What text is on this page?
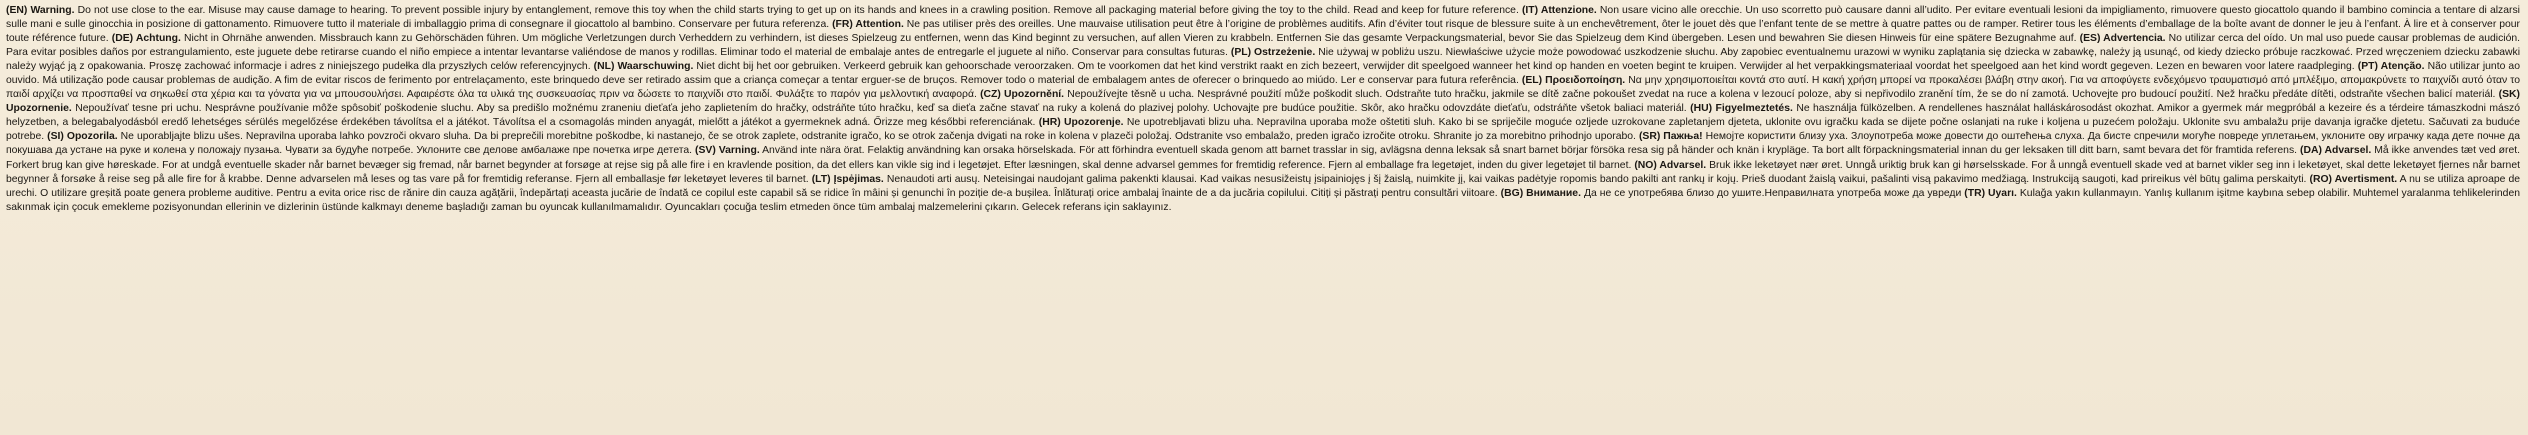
(EN) Warning. Do not use close to the ear. Misuse may cause damage to hearing. To prevent possible injury by entanglement, remove this toy when the child starts trying to get up on its hands and knees in a crawling position. Remove all packaging material before giving the toy to the child. Read and keep for future reference. (IT) Attenzione. Non usare vicino alle orecchie. Un uso scorretto può causare danni all’udito. Per evitare eventuali lesioni da impigliamento, rimuovere questo giocattolo quando il bambino comincia a tentare di alzarsi sulle mani e sulle ginocchia in posizione di gattonamento. Rimuovere tutto il materiale di imballaggio prima di consegnare il giocattolo al bambino. Conservare per futura referenza. (FR) Attention. Ne pas utiliser près des oreilles. Une mauvaise utilisation peut être à l’origine de problèmes auditifs. Afin d’éviter tout risque de blessure suite à un enchevêtrement, ôter le jouet dès que l’enfant tente de se mettre à quatre pattes ou de ramper. Retirer tous les éléments d’emballage de la boîte avant de donner le jeu à l’enfant. À lire et à conserver pour toute référence future. (DE) Achtung. Nicht in Ohrnähe anwenden. Missbrauch kann zu Gehörschäden führen. Um mögliche Verletzungen durch Verheddern zu verhindern, ist dieses Spielzeug zu entfernen, wenn das Kind beginnt zu versuchen, auf allen Vieren zu krabbeln. Entfernen Sie das gesamte Verpackungsmaterial, bevor Sie das Spielzeug dem Kind übergeben. Lesen und bewahren Sie diesen Hinweis für eine spätere Bezugnahme auf. (ES) Advertencia. No utilizar cerca del oído. Un mal uso puede causar problemas de audición. Para evitar posibles daños por estrangulamiento, este juguete debe retirarse cuando el niño empiece a intentar levantarse valiéndose de manos y rodillas. Eliminar todo el material de embalaje antes de entregarle el juguete al niño. Conservar para consultas futuras. (PL) Ostrzeżenie. Nie używaj w pobliżu uszu. Niewłaściwe użycie może powodować uszkodzenie słuchu. Aby zapobiec eventualnemu urazowi w wyniku zaplątania się dziecka w zabawkę, należy ją usunąć, od kiedy dziecko próbuje raczkować. Przed wręczeniem dziecku zabawki należy wyjąć ją z opakowania. Proszę zachować informacje i adres z niniejszego pudełka dla przyszłych celów referencyjnych. (NL) Waarschuwing. Niet dicht bij het oor gebruiken. Verkeerd gebruik kan gehoorschade veroorzaken. Om te voorkomen dat het kind verstrikt raakt en zich bezeert, verwijder dit speelgoed wanneer het kind op handen en voeten begint te kruipen. Verwijder al het verpakkingsmateriaal voordat het speelgoed aan het kind wordt gegeven. Lezen en bewaren voor latere raadpleging. (PT) Atenção. Não utilizar junto ao ouvido. Má utilização pode causar problemas de audição. A fim de evitar riscos de ferimento por entrelaçamento, este brinquedo deve ser retirado assim que a criança começar a tentar erguer-se de bruços. Remover todo o material de embalagem antes de oferecer o brinquedo ao miúdo. Ler e conservar para futura referência. (EL) Προειδοποίηση. Να μην χρησιμοποιείται κοντά στο αυτί. Η κακή χρήση μπορεί να προκαλέσει βλάβη στην ακοή. Για να αποφύγετε ενδεχόμενο τραυματισμό από μπλέξιμο, απομακρύνετε το παιχνίδι αυτό όταν το παιδί αρχίζει να προσπαθεί να σηκωθεί στα χέρια και τα γόνατα για να μπουσουλήσει. Αφαιρέστε όλα τα υλικά της συσκευασίας πριν να δώσετε το παιχνίδι στο παιδί. Φυλάξτε το παρόν για μελλοντική αναφορά. (CZ) Upozornění. Nepoužívejte těsně u ucha. Nesprávné použití může poškodit sluch. Odstraňte tuto hračku, jakmile se dítě začne pokoušet zvedat na ruce a kolena v lezoucí poloze, aby si nepřivodilo zranění tím, že se do ní zamotá. Uchovejte pro budoucí použití. Než hračku předáte dítěti, odstraňte všechen balicí materiál. (SK) Upozornenie. Nepoužívať tesne pri uchu. Nesprávne používanie môže spôsobiť poškodenie sluchu. Aby sa predišlo možnému zraneniu dieťaťa jeho zaplietením do hračky, odstráňte túto hračku, keď sa dieťa začne stavať na ruky a kolená do plazivej polohy. Uchovajte pre budúce použitie. Skôr, ako hračku odovzdáte dieťaťu, odstráňte všetok baliaci materiál. (HU) Figyelmeztetés. Ne használja fülközelben. A rendellenes használat halláskárosodást okozhat. Amikor a gyermek már megpróbál a kezeire és a térdeire támaszkodni mászó helyzetben, a belegabalyodásból eredő lehetséges sérülés megelőzése érdekében távolítsa el a játékot. Távolítsa el a csomagolás minden anyagát, mielőtt a játékot a gyermeknek adná. Őrizze meg későbbi referenciának. (HR) Upozorenje. Ne upotrebljavati blizu uha. Nepravilna uporaba može oštetiti sluh. Kako bi se spriječile moguće ozljede uzrokovane zapletanjem djeteta, uklonite ovu igračku kada se dijete počne oslanjati na ruke i koljena u puzećem položaju. Uklonite svu ambalažu prije davanja igračke djetetu. Sačuvati za buduće potrebe. (SI) Opozorila. Ne uporabljajte blizu ušes. Nepravilna uporaba lahko povzroči okvaro sluha. Da bi preprečili morebitne poškodbe, ki nastanejo, če se otrok zaplete, odstranite igračo, ko se otrok začenja dvigati na roke in kolena v plazeči položaj. Odstranite vso embalažo, preden igračo izročite otroku. Shranite jo za morebitno prihodnjo uporabo. (SR) Пажња! Немојте користити близу уха. Злоупотреба може довести до оштећења слуха. Да бисте спречили могуће повреде уплетањем, уклоните ову играчку када дете почне да покушава да устане на руке и колена у положају пузања. Чувати за будуће потребе. Уклоните све делове амбалаже пре почетка игре детета. (SV) Varning. Använd inte nära örat. Felaktig användning kan orsaka hörselskada. För att förhindra eventuell skada genom att barnet trasslar in sig, avlägsna denna leksak så snart barnet börjar försöka resa sig på händer och knän i krypläge. Ta bort allt förpackningsmaterial innan du ger leksaken till ditt barn, samt bevara det för framtida referens. (DA) Advarsel. Må ikke anvendes tæt ved øret. Forkert brug kan give høreskade. For at undgå eventuelle skader når barnet bevæger sig fremad, når barnet begynder at forsøge at rejse sig på alle fire i en kravlende position, da det ellers kan vikle sig ind i legetøjet. Efter læsningen, skal denne advarsel gemmes for fremtidig reference. Fjern al emballage fra legetøjet, inden du giver legetøjet til barnet. (NO) Advarsel. Bruk ikke leketøyet nær øret. Unngå uriktig bruk kan gi hørselsskade. For å unngå eventuell skade ved at barnet vikler seg inn i leketøyet, skal dette leketøyet fjernes når barnet begynner å forsøke å reise seg på alle fire for å krabbe. Denne advarselen må leses og tas vare på for fremtidig referanse. Fjern all emballasje før leketøyet leveres til barnet. (LT) Įspėjimas. Nenaudoti arti ausų. Neteisingai naudojant galima pakenkti klausai. Kad vaikas nesusižeistų įsipainiojęs į šį žaislą, nuimkite jį, kai vaikas padėtyje ropomis bando pakilti ant rankų ir kojų. Prieš duodant žaislą vaikui, pašalinti visą pakavimo medžiagą. Instrukciją saugoti, kad prireikus vėl būtų galima perskaityti. (RO) Avertisment. A nu se utiliza aproape de urechi. O utilizare greșită poate genera probleme auditive. Pentru a evita orice risc de rănire din cauza agățării, îndepărtați aceasta jucărie de îndată ce copilul este capabil să se ridice în mâini și genunchi în poziție de-a bușilea. Înlăturați orice ambalaj înainte de a da jucăria copilului. Citiți și păstrați pentru consultări viitoare. (BG) Внимание. Да не се употребява близо до ушите.Неправилната употреба може да увреди (TR) Uyarı. Kulağa yakın kullanmayın. Yanlış kullanım işitme kaybına sebep olabilir. Muhtemel yaralanma tehlikelerinden sakınmak için çocuk emekleme pozisyonundan ellerinin ve dizlerinin üstünde kalkmayı deneme başladığı zaman bu oyuncak kullanılmamalıdır. Oyuncakları çocuğa teslim etmeden önce tüm ambalaj malzemelerini çıkarın. Gelecek referans için saklayınız.
